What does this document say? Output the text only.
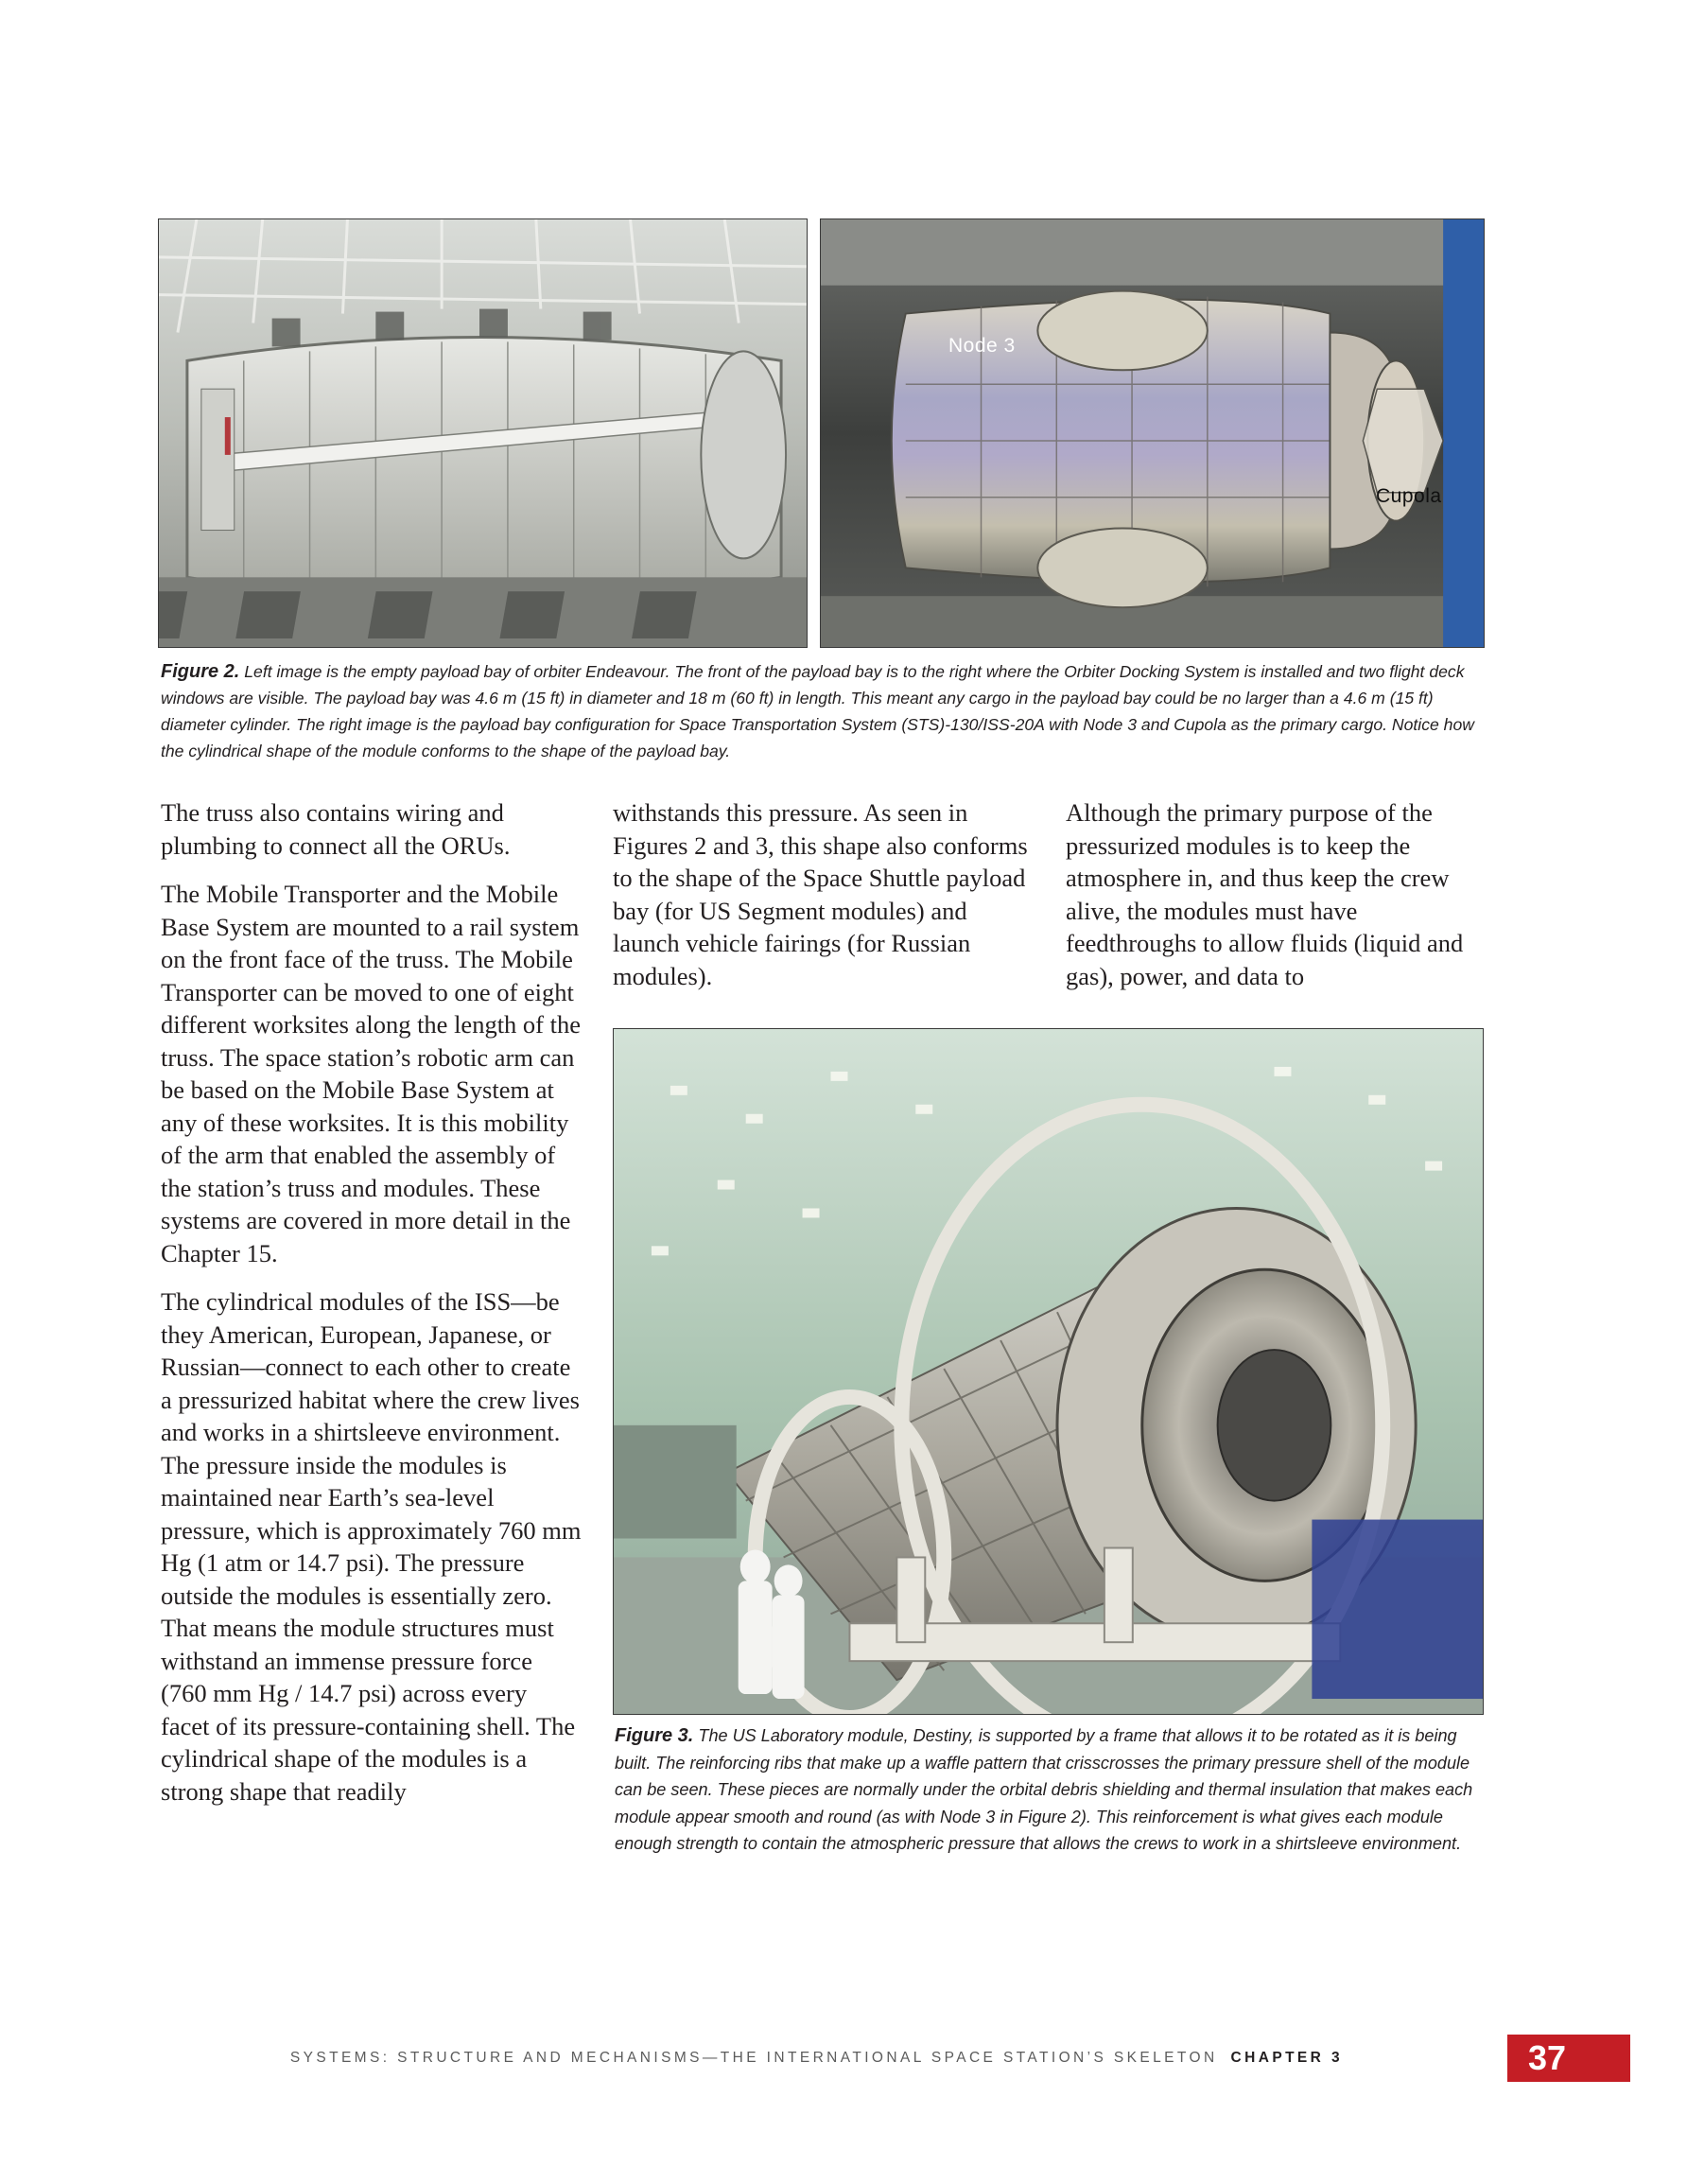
Node 3
Cupola

Figure 2. Left image is the empty payload bay of orbiter Endeavour. The front of the payload bay is to the right where the Orbiter Docking System is installed and two flight deck windows are visible. The payload bay was 4.6 m (15 ft) in diameter and 18 m (60 ft) in length. This meant any cargo in the payload bay could be no larger than a 4.6 m (15 ft) diameter cylinder. The right image is the payload bay configuration for Space Transportation System (STS)-130/ISS-20A with Node 3 and Cupola as the primary cargo. Notice how the cylindrical shape of the module conforms to the shape of the payload bay.

The truss also contains wiring and plumbing to connect all the ORUs.

The Mobile Transporter and the Mobile Base System are mounted to a rail system on the front face of the truss. The Mobile Transporter can be moved to one of eight different worksites along the length of the truss. The space station’s robotic arm can be based on the Mobile Base System at any of these worksites. It is this mobility of the arm that enabled the assembly of the station’s truss and modules. These systems are covered in more detail in the Chapter 15.

The cylindrical modules of the ISS—be they American, European, Japanese, or Russian—connect to each other to create a pressurized habitat where the crew lives and works in a shirtsleeve environment. The pressure inside the modules is maintained near Earth’s sea-level pressure, which is approximately 760 mm Hg (1 atm or 14.7 psi). The pressure outside the modules is essentially zero. That means the module structures must withstand an immense pressure force (760 mm Hg / 14.7 psi) across every facet of its pressure-containing shell. The cylindrical shape of the modules is a strong shape that readily

withstands this pressure. As seen in Figures 2 and 3, this shape also conforms to the shape of the Space Shuttle payload bay (for US Segment modules) and launch vehicle fairings (for Russian modules).

Although the primary purpose of the pressurized modules is to keep the atmosphere in, and thus keep the crew alive, the modules must have feedthroughs to allow fluids (liquid and gas), power, and data to

Figure 3. The US Laboratory module, Destiny, is supported by a frame that allows it to be rotated as it is being built. The reinforcing ribs that make up a waffle pattern that crisscrosses the primary pressure shell of the module can be seen. These pieces are normally under the orbital debris shielding and thermal insulation that makes each module appear smooth and round (as with Node 3 in Figure 2). This reinforcement is what gives each module enough strength to contain the atmospheric pressure that allows the crews to work in a shirtsleeve environment.

SYSTEMS: STRUCTURE AND MECHANISMS—THE INTERNATIONAL SPACE STATION’S SKELETON CHAPTER 3	37
